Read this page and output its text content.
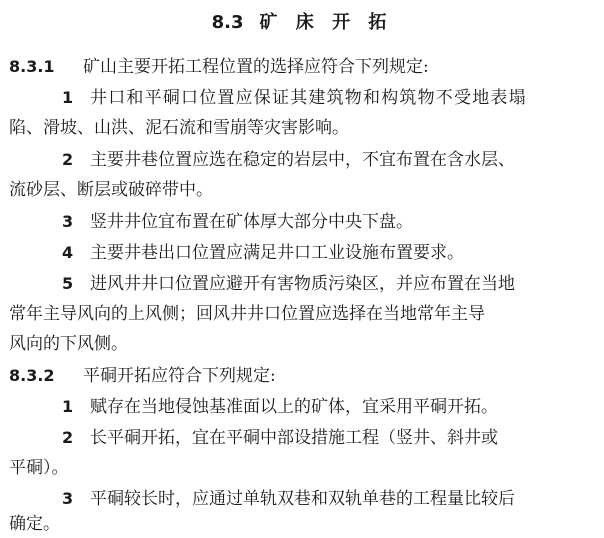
8.3 矿 床 开 拓
8.3.1 矿山主要开拓工程位置的选择应符合下列规定:
1 井口和平硐口位置应保证其建筑物和构筑物不受地表塌
陷、滑坡、山洪、泥石流和雪崩等灾害影响。
2 主要井巷位置应选在稳定的岩层中，不宜布置在含水层、
流砂层、断层或破碎带中。
3 竖井井位宜布置在矿体厚大部分中央下盘。
4 主要井巷出口位置应满足井口工业设施布置要求。
5 进风井井口位置应避开有害物质污染区，并应布置在当地
常年主导风向的上风侧；回风井井口位置应选择在当地常年主导
风向的下风侧。
8.3.2 平硐开拓应符合下列规定:
1 赋存在当地侵蚀基准面以上的矿体，宜采用平硐开拓。
2 长平硐开拓，宜在平硐中部设措施工程（竖井、斜井或
平硐）。
3 平硐较长时，应通过单轨双巷和双轨单巷的工程量比较后
确定。
